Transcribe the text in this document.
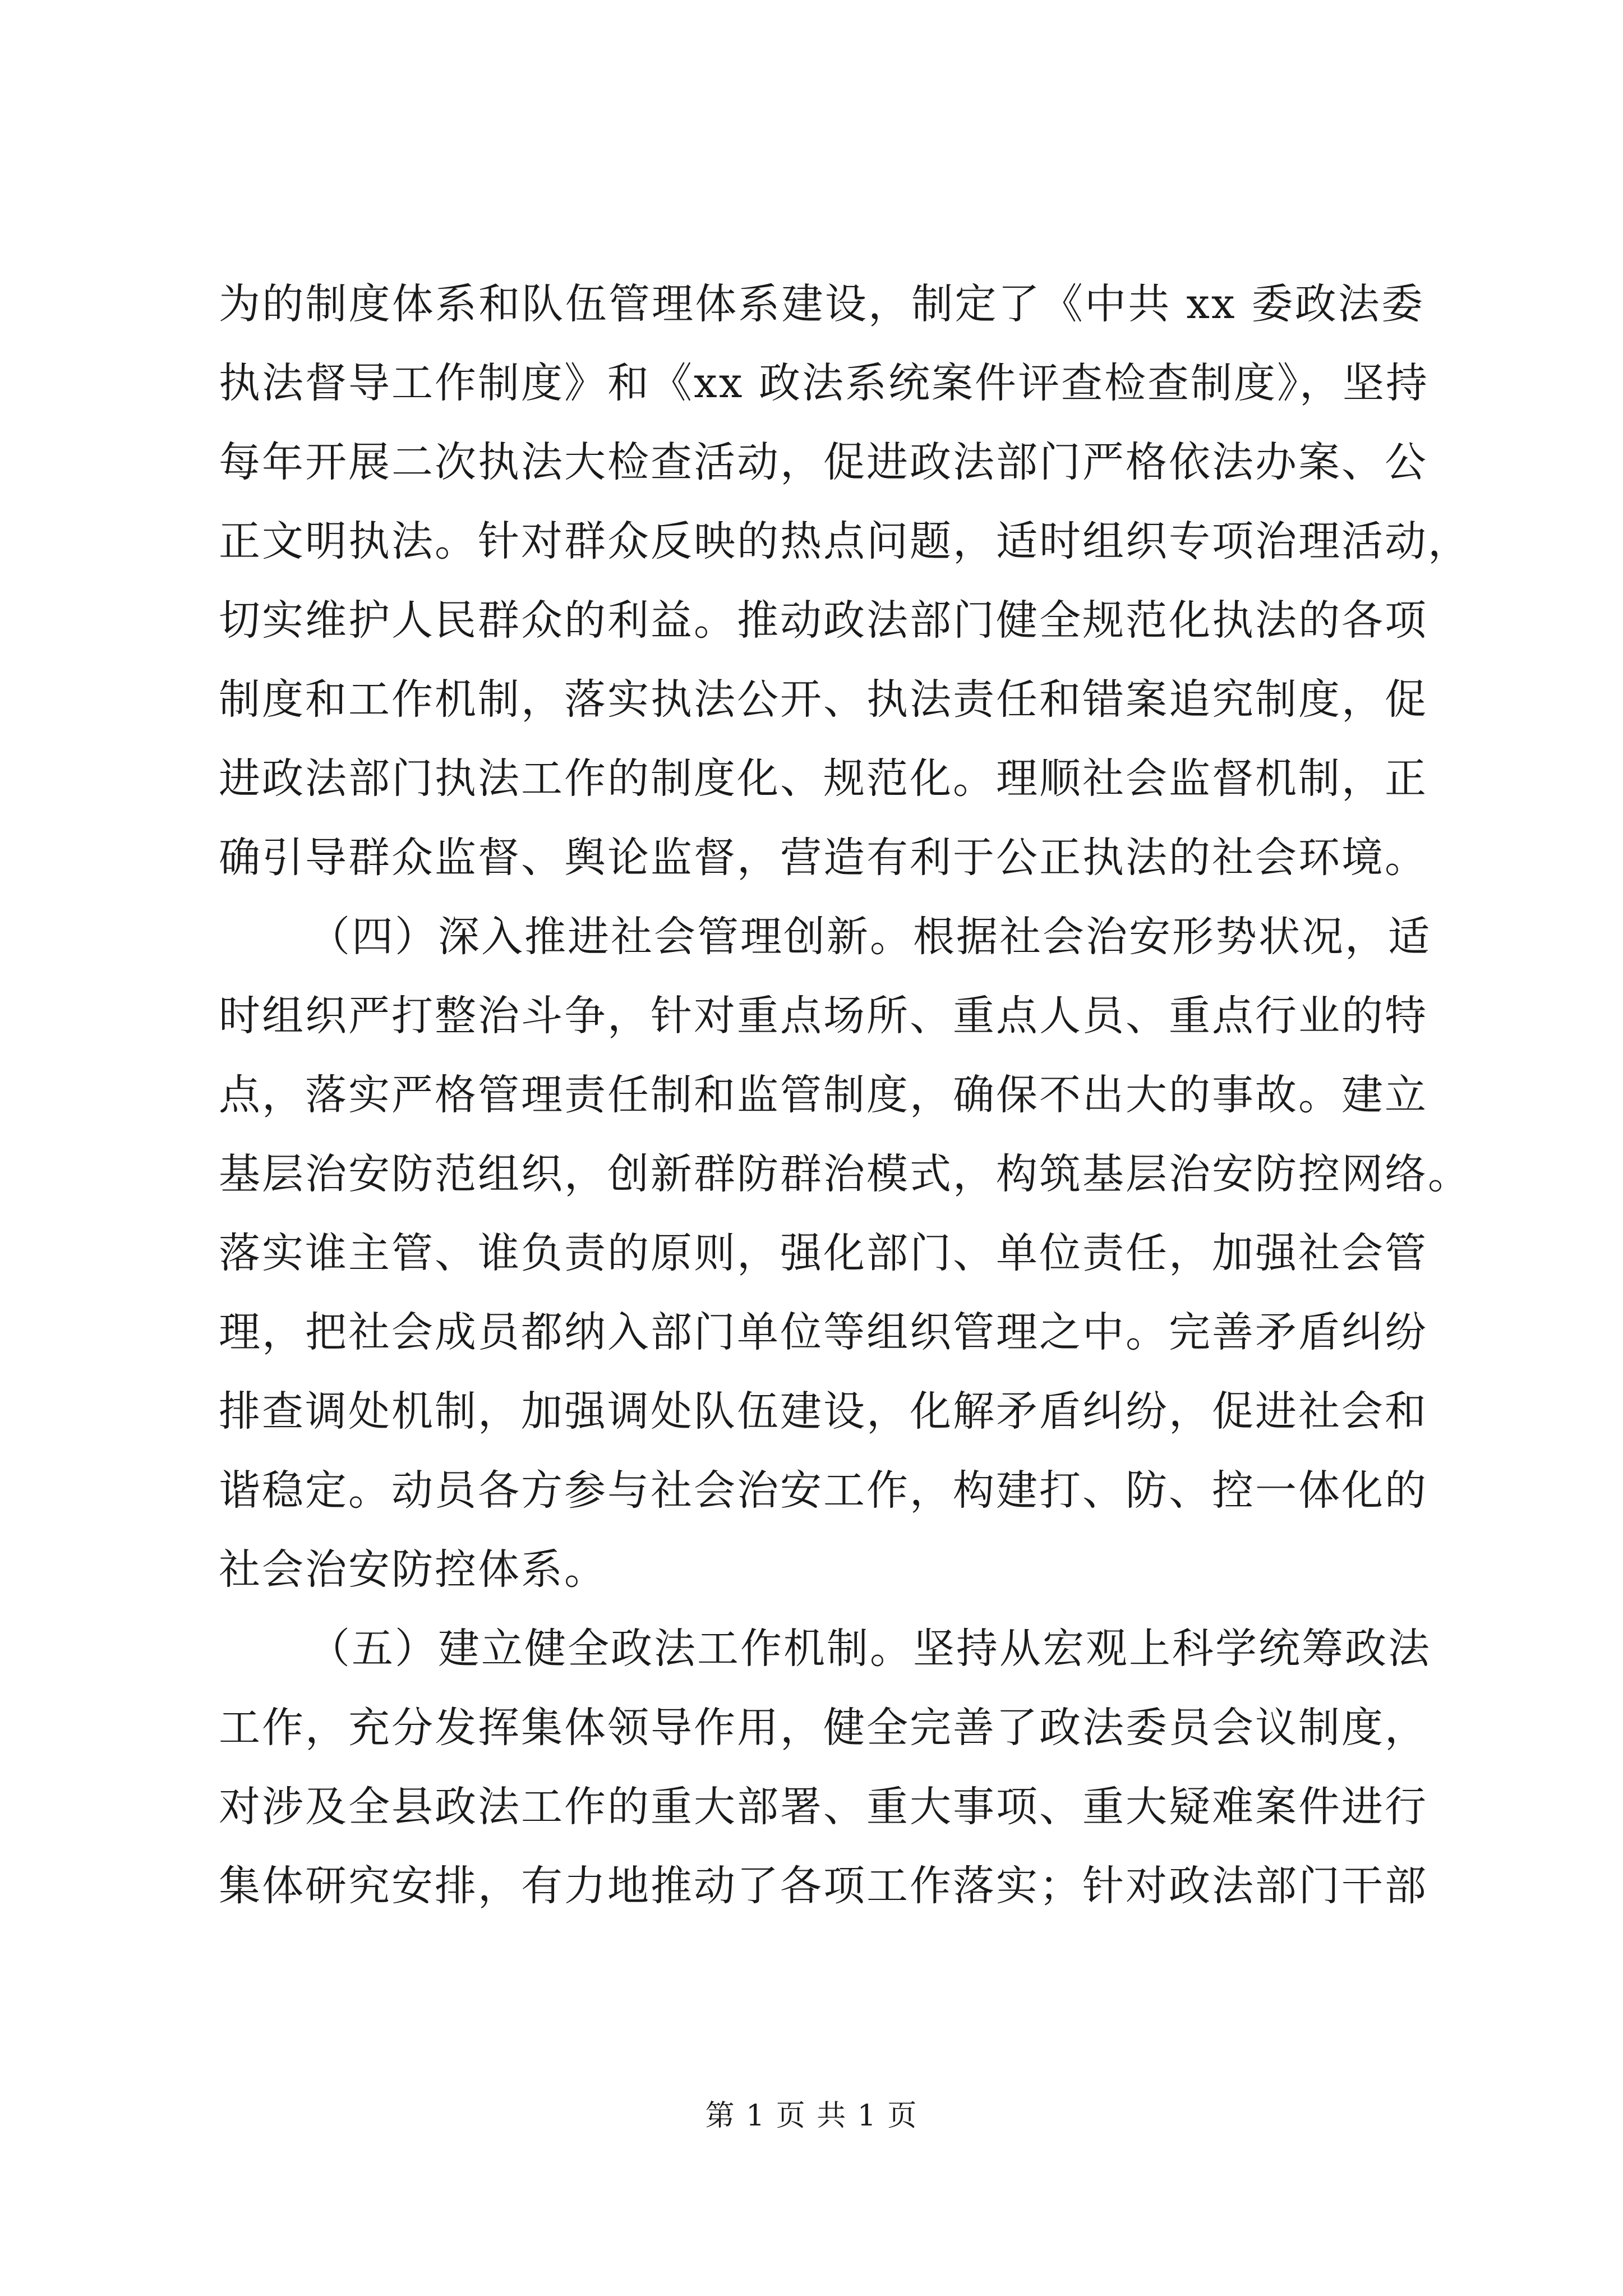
为的制度体系和队伍管理体系建设，制定了《中共 xx 委政法委
执法督导工作制度》和《xx 政法系统案件评查检查制度》，坚持
每年开展二次执法大检查活动，促进政法部门严格依法办案、公
正文明执法。针对群众反映的热点问题，适时组织专项治理活动，
切实维护人民群众的利益。推动政法部门健全规范化执法的各项
制度和工作机制，落实执法公开、执法责任和错案追究制度，促
进政法部门执法工作的制度化、规范化。理顺社会监督机制，正
确引导群众监督、舆论监督，营造有利于公正执法的社会环境。
（四）深入推进社会管理创新。根据社会治安形势状况，适
时组织严打整治斗争，针对重点场所、重点人员、重点行业的特
点，落实严格管理责任制和监管制度，确保不出大的事故。建立
基层治安防范组织，创新群防群治模式，构筑基层治安防控网络。
落实谁主管、谁负责的原则，强化部门、单位责任，加强社会管
理，把社会成员都纳入部门单位等组织管理之中。完善矛盾纠纷
排查调处机制，加强调处队伍建设，化解矛盾纠纷，促进社会和
谐稳定。动员各方参与社会治安工作，构建打、防、控一体化的
社会治安防控体系。
（五）建立健全政法工作机制。坚持从宏观上科学统筹政法
工作，充分发挥集体领导作用，健全完善了政法委员会议制度，
对涉及全县政法工作的重大部署、重大事项、重大疑难案件进行
集体研究安排，有力地推动了各项工作落实；针对政法部门干部
第 1 页 共 1 页
